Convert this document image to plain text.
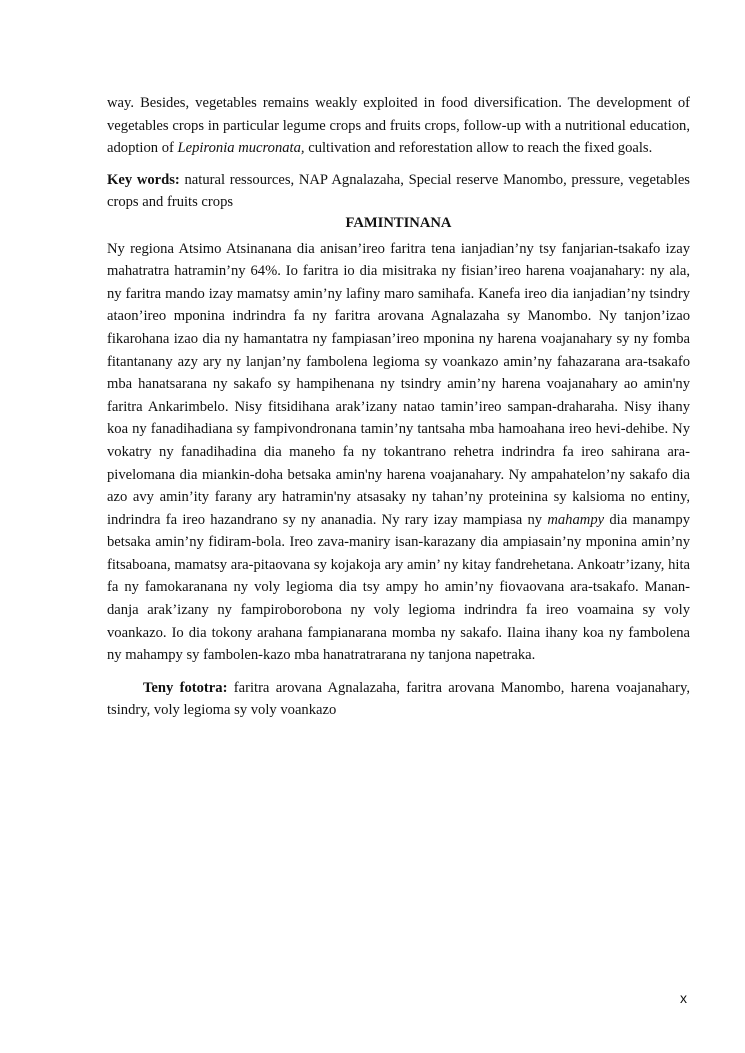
way. Besides, vegetables remains weakly exploited in food diversification. The development of vegetables crops in particular legume crops and fruits crops, follow-up with a nutritional education, adoption of Lepironia mucronata, cultivation and reforestation allow to reach the fixed goals.

Key words: natural ressources, NAP Agnalazaha, Special reserve Manombo, pressure, vegetables crops and fruits crops

FAMINTINANA

Ny regiona Atsimo Atsinanana dia anisan’ireo faritra tena ianjadian’ny tsy fanjarian-tsakafo izay mahatratra hatramin’ny 64%. Io faritra io dia misitraka ny fisian’ireo harena voajanahary: ny ala, ny faritra mando izay mamatsy amin’ny lafiny maro samihafa. Kanefa ireo dia ianjadian’ny tsindry ataon’ireo mponina indrindra fa ny faritra arovana Agnalazaha sy Manombo. Ny tanjon’izao fikarohana izao dia ny hamantatra ny fampiasan’ireo mponina ny harena voajanahary sy ny fomba fitantanany azy ary ny lanjan’ny fambolena legioma sy voankazo amin’ny fahazarana ara-tsakafo mba hanatsarana ny sakafo sy hampihenana ny tsindry amin’ny harena voajanahary ao amin'ny faritra Ankarimbelo. Nisy fitsidihana arak’izany natao tamin’ireo sampan-draharaha. Nisy ihany koa ny fanadihadiana sy fampivondronana tamin’ny tantsaha mba hamoahana ireo hevi-dehibe. Ny vokatry ny fanadihadina dia maneho fa ny tokantrano rehetra indrindra fa ireo sahirana ara-pivelomana dia miankin-doha betsaka amin'ny harena voajanahary. Ny ampahatelon’ny sakafo dia azo avy amin’ity farany ary hatramin'ny atsasaky ny tahan’ny proteinina sy kalsioma no entiny, indrindra fa ireo hazandrano sy ny ananadia. Ny rary izay mampiasa ny mahampy dia manampy betsaka amin’ny fidiram-bola. Ireo zava-maniry isan-karazany dia ampiasain’ny mponina amin’ny fitsaboana, mamatsy ara-pitaovana sy kojakoja ary amin’ ny kitay fandrehetana. Ankoatr’izany, hita fa ny famokaranana ny voly legioma dia tsy ampy ho amin’ny fiovaovana ara-tsakafo. Manan-danja arak’izany ny fampiroborobona ny voly legioma indrindra fa ireo voamaina sy voly voankazo. Io dia tokony arahana fampianarana momba ny sakafo. Ilaina ihany koa ny fambolena ny mahampy sy fambolen-kazo mba hanatratrarana ny tanjona napetraka.

Teny fototra: faritra arovana Agnalazaha, faritra arovana Manombo, harena voajanahary, tsindry, voly legioma sy voly voankazo

x
